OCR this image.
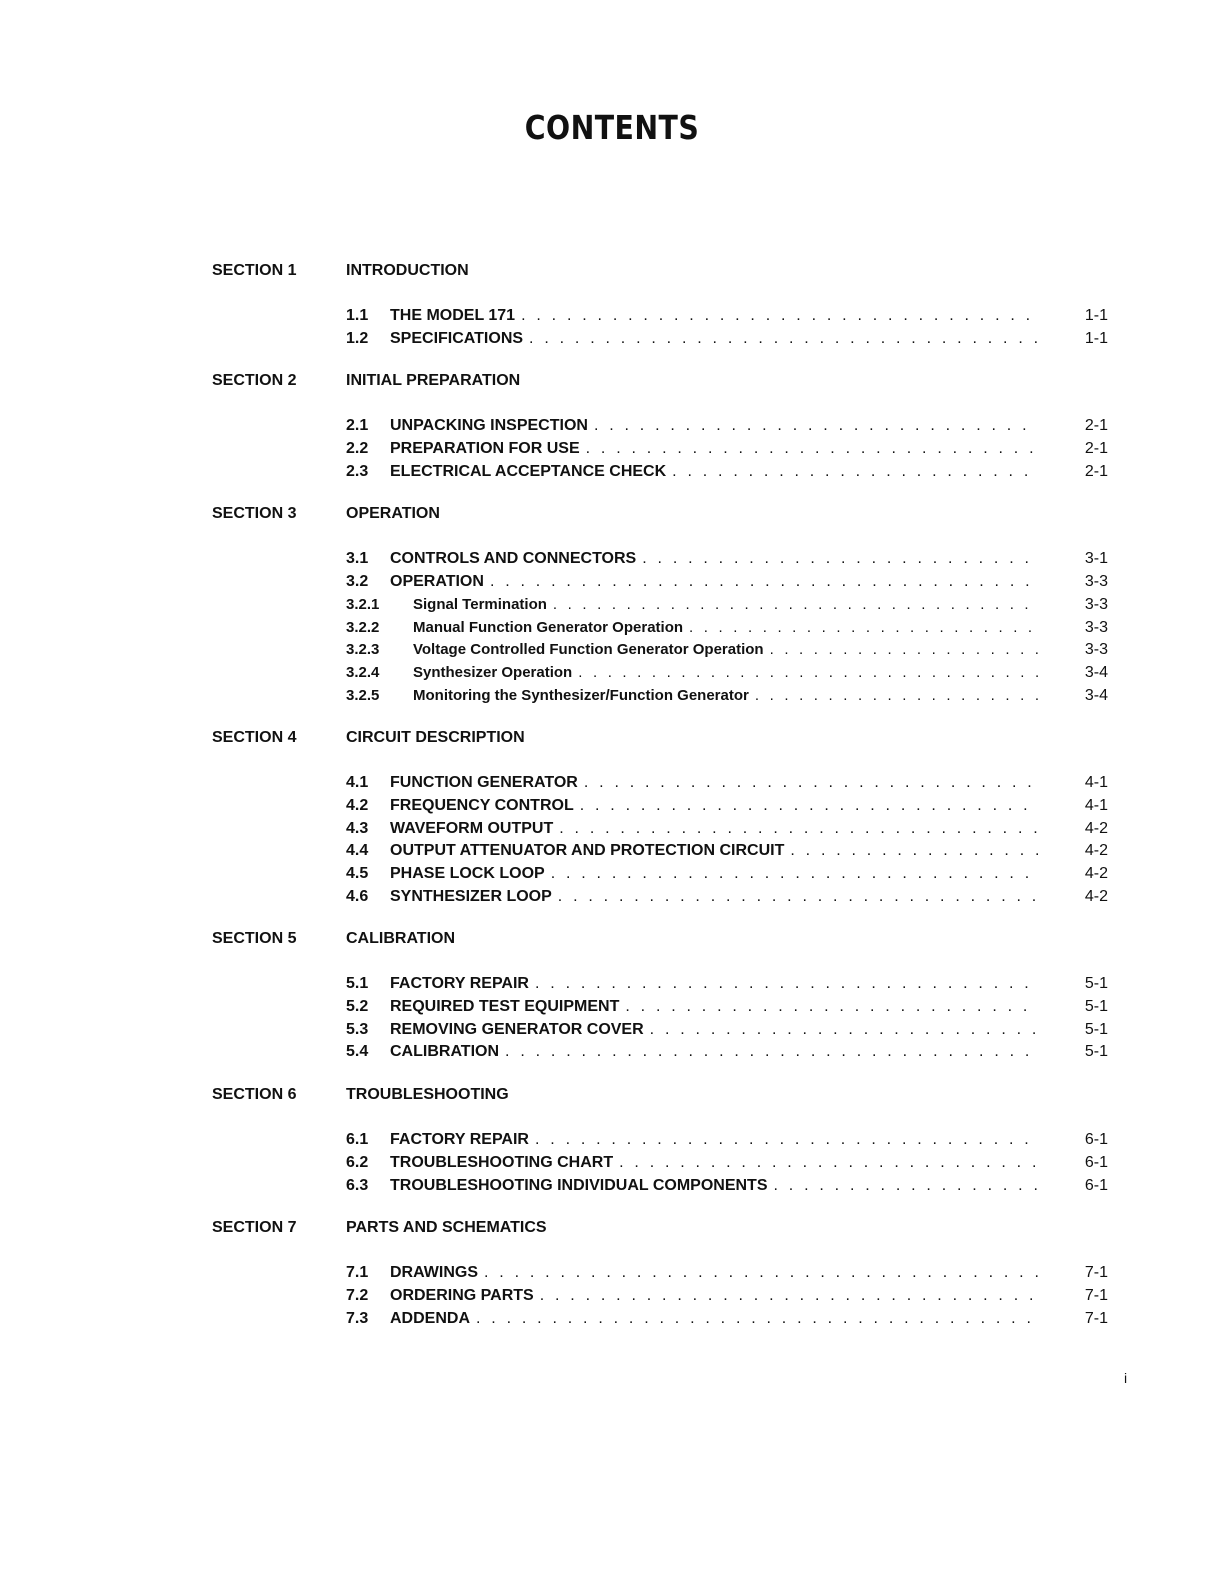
CONTENTS
SECTION 1	INTRODUCTION
1.1 THE MODEL 171 . . .	1-1
1.2 SPECIFICATIONS . . .	1-1
SECTION 2	INITIAL PREPARATION
2.1 UNPACKING INSPECTION . . .	2-1
2.2 PREPARATION FOR USE . . .	2-1
2.3 ELECTRICAL ACCEPTANCE CHECK . . .	2-1
SECTION 3	OPERATION
3.1 CONTROLS AND CONNECTORS . . .	3-1
3.2 OPERATION . . .	3-3
3.2.1 Signal Termination . . .	3-3
3.2.2 Manual Function Generator Operation . . .	3-3
3.2.3 Voltage Controlled Function Generator Operation . . .	3-3
3.2.4 Synthesizer Operation . . .	3-4
3.2.5 Monitoring the Synthesizer/Function Generator . . .	3-4
SECTION 4	CIRCUIT DESCRIPTION
4.1 FUNCTION GENERATOR . . .	4-1
4.2 FREQUENCY CONTROL . . .	4-1
4.3 WAVEFORM OUTPUT . . .	4-2
4.4 OUTPUT ATTENUATOR AND PROTECTION CIRCUIT . . .	4-2
4.5 PHASE LOCK LOOP . . .	4-2
4.6 SYNTHESIZER LOOP . . .	4-2
SECTION 5	CALIBRATION
5.1 FACTORY REPAIR . . .	5-1
5.2 REQUIRED TEST EQUIPMENT . . .	5-1
5.3 REMOVING GENERATOR COVER . . .	5-1
5.4 CALIBRATION . . .	5-1
SECTION 6	TROUBLESHOOTING
6.1 FACTORY REPAIR . . .	6-1
6.2 TROUBLESHOOTING CHART . . .	6-1
6.3 TROUBLESHOOTING INDIVIDUAL COMPONENTS . . .	6-1
SECTION 7	PARTS AND SCHEMATICS
7.1 DRAWINGS . . .	7-1
7.2 ORDERING PARTS . . .	7-1
7.3 ADDENDA . . .	7-1
i
